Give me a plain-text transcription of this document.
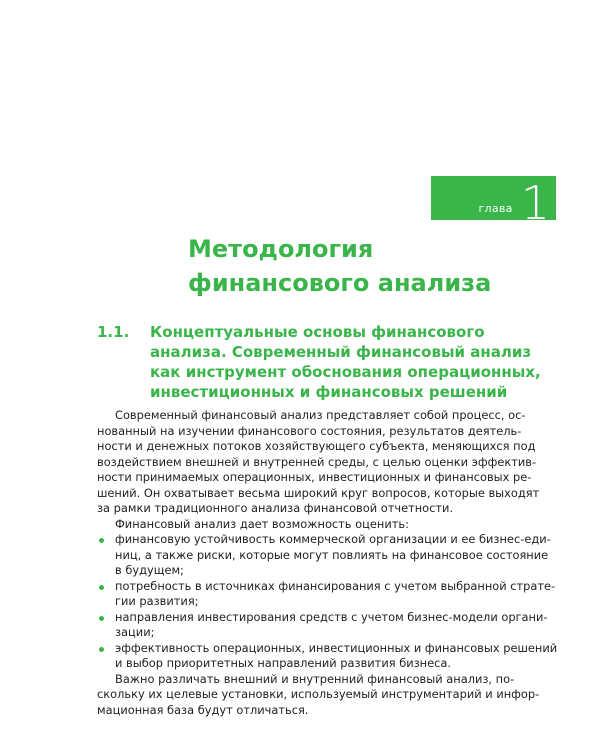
глава 1
Методология
финансового анализа
1.1. Концептуальные основы финансового
анализа. Современный финансовый анализ
как инструмент обоснования операционных,
инвестиционных и финансовых решений

Современный финансовый анализ представляет собой процесс, ос-
нованный на изучении финансового состояния, результатов деятель-
ности и денежных потоков хозяйствующего субъекта, меняющихся под
воздействием внешней и внутренней среды, с целью оценки эффектив-
ности принимаемых операционных, инвестиционных и финансовых ре-
шений. Он охватывает весьма широкий круг вопросов, которые выходят
за рамки традиционного анализа финансовой отчетности.

Финансовый анализ дает возможность оценить:

финансовую устойчивость коммерческой организации и ее бизнес-еди-
ниц, а также риски, которые могут повлиять на финансовое состояние
в будущем;
потребность в источниках финансирования с учетом выбранной страте-
гии развития;
направления инвестирования средств с учетом бизнес-модели органи-
зации;
эффективность операционных, инвестиционных и финансовых решений
и выбор приоритетных направлений развития бизнеса.

Важно различать внешний и внутренний финансовый анализ, по-
скольку их целевые установки, используемый инструментарий и инфор-
мационная база будут отличаться.
